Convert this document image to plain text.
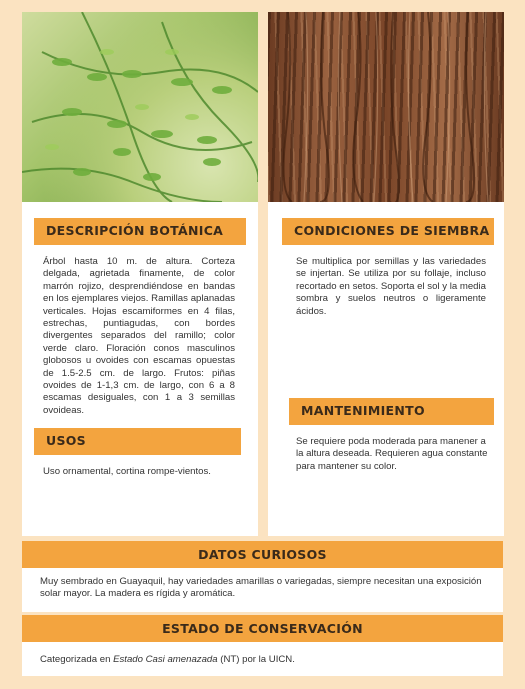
DESCRIPCIÓN BOTÁNICA
Árbol hasta 10 m. de altura. Corteza delgada, agrietada finamente, de color marrón rojizo, desprendiéndose en bandas en los ejemplares viejos. Ramillas aplanadas verticales. Hojas escamiformes en 4 filas, estrechas, puntiagudas, con bordes divergentes separados del ramillo; color verde claro. Floración conos masculinos globosos u ovoides con escamas opuestas de 1.5-2.5 cm. de largo. Frutos: piñas ovoides de 1-1,3 cm. de largo, con 6 a 8 escamas desiguales, con 1 a 3 semillas ovoideas.
USOS
Uso ornamental, cortina rompe-vientos.
CONDICIONES DE SIEMBRA
Se multiplica por semillas y las variedades se injertan. Se utiliza por su follaje, incluso recortado en setos. Soporta el sol y la media sombra y suelos neutros o ligeramente ácidos.
MANTENIMIENTO
Se requiere poda moderada para manener a la altura deseada. Requieren agua constante para mantener su color.
DATOS CURIOSOS
Muy sembrado en Guayaquil, hay variedades amarillas o variegadas, siempre necesitan una exposición solar mayor. La madera es rígida y aromática.
ESTADO DE CONSERVACIÓN
Categorizada en Estado Casi amenazada (NT) por la UICN.
